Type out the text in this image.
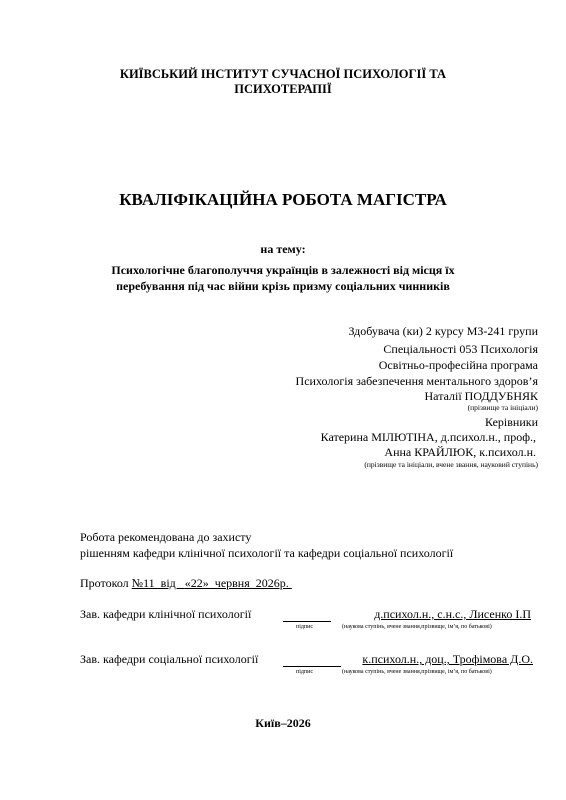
КИЇВСЬКИЙ ІНСТИТУТ СУЧАСНОЇ ПСИХОЛОГІЇ ТА
ПСИХОТЕРАПІЇ
КВАЛІФІКАЦІЙНА РОБОТА МАГІСТРА
на тему:
Психологічне благополуччя українців в залежності від місця їх
перебування під час війни крізь призму соціальних чинників
Здобувача (ки) 2 курсу МЗ-241 групи
Спеціальності 053 Психологія
Освітньо-професійна програма
Психологія забезпечення ментального здоров’я
Наталії ПОДДУБНЯК
(прізвище та ініціали)
Керівники
Катерина МІЛЮТІНА, д.психол.н., проф.,
Анна КРАЙЛЮК, к.психол.н.
(прізвище та ініціали, вчене звання, науковий ступінь)
Робота рекомендована до захисту
рішенням кафедри клінічної психології та кафедри соціальної психології
Протокол №11  від   «22»  червня  2026р.
Зав. кафедри клінічної психології	д.психол.н., с.н.с., Лисенко І.П
підпис	(наукова ступінь, вчене звання,прізвище, ім’я, по батькові)
Зав. кафедри соціальної психології	к.психол.н., доц., Трофімова Д.О.
підпис	(наукова ступінь, вчене звання,прізвище, ім’я, по батькові)
Київ–2026
